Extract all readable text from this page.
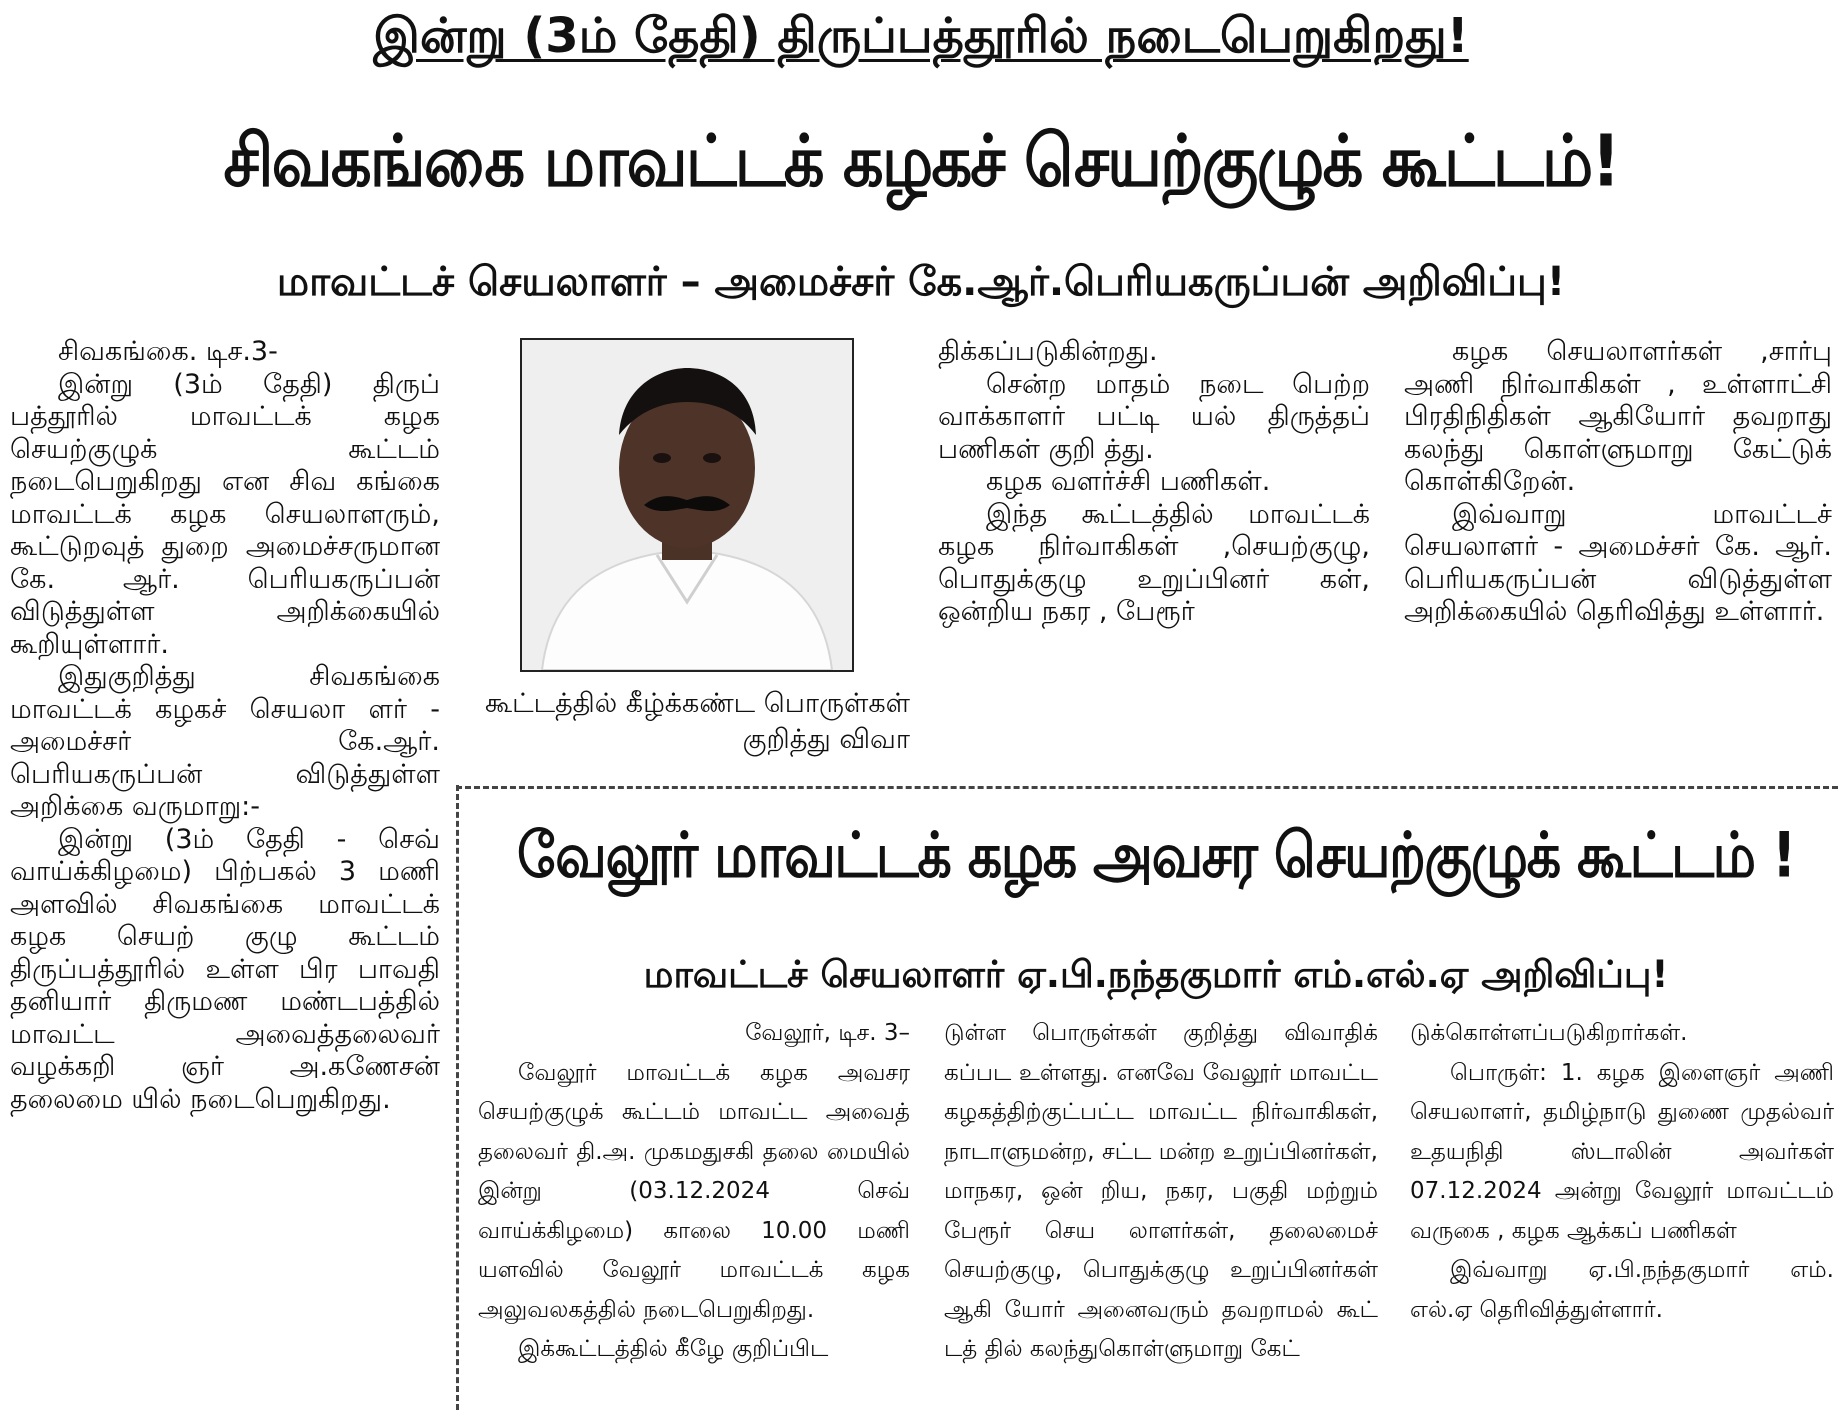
இன்று (3ம் தேதி) திருப்பத்தூரில் நடைபெறுகிறது!
சிவகங்கை மாவட்டக் கழகச் செயற்குழுக் கூட்டம்!
மாவட்டச் செயலாளர் – அமைச்சர் கே.ஆர்.பெரியகருப்பன் அறிவிப்பு!

சிவகங்கை. டிச.3-

இன்று (3ம் தேதி) திருப் பத்தூரில் மாவட்டக் கழக செயற்குழுக் கூட்டம் நடைபெறுகிறது என சிவ கங்கை மாவட்டக் கழக செயலாளரும், கூட்டுறவுத் துறை அமைச்சருமான கே. ஆர். பெரியகருப்பன் விடுத்துள்ள அறிக்கையில் கூறியுள்ளார்.

இதுகுறித்து சிவகங்கை மாவட்டக் கழகச் செயலா ளர் - அமைச்சர் கே.ஆர். பெரியகருப்பன் விடுத்துள்ள அறிக்கை வருமாறு:-

இன்று (3ம் தேதி - செவ் வாய்க்கிழமை) பிற்பகல் 3 மணி அளவில் சிவகங்கை மாவட்டக் கழக செயற் குழு கூட்டம் திருப்பத்தூரில் உள்ள பிர பாவதி தனியார் திருமண மண்டபத்தில் மாவட்ட அவைத்தலைவர் வழக்கறி ஞர் அ.கணேசன் தலைமை யில் நடைபெறுகிறது.

கூட்டத்தில் கீழ்க்கண்ட பொருள்கள் குறித்து விவா

திக்கப்படுகின்றது.

சென்ற மாதம் நடை பெற்ற வாக்காளர் பட்டி யல் திருத்தப் பணிகள் குறி த்து.

கழக வளர்ச்சி பணிகள்.

இந்த கூட்டத்தில் மாவட்டக் கழக நிர்வாகிகள் ,செயற்குழு, பொதுக்குழு உறுப்பினர் கள், ஒன்றிய நகர , பேரூர்

கழக செயலாளர்கள் ,சார்பு அணி நிர்வாகிகள் , உள்ளாட்சி பிரதிநிதிகள் ஆகியோர் தவறாது கலந்து கொள்ளுமாறு கேட்டுக் கொள்கிறேன்.

இவ்வாறு மாவட்டச் செயலாளர் - அமைச்சர் கே. ஆர். பெரியகருப்பன் விடுத்துள்ள அறிக்கையில் தெரிவித்து உள்ளார்.

வேலூர் மாவட்டக் கழக அவசர செயற்குழுக் கூட்டம் !
மாவட்டச் செயலாளர் ஏ.பி.நந்தகுமார் எம்.எல்.ஏ அறிவிப்பு!

வேலூர், டிச. 3–

வேலூர் மாவட்டக் கழக அவசர செயற்குழுக் கூட்டம் மாவட்ட அவைத் தலைவர் தி.அ. முகமதுசகி தலை மையில் இன்று (03.12.2024 செவ் வாய்க்கிழமை) காலை 10.00 மணி யளவில் வேலூர் மாவட்டக் கழக அலுவலகத்தில் நடைபெறுகிறது.

இக்கூட்டத்தில் கீழே குறிப்பிட

டுள்ள பொருள்கள் குறித்து விவாதிக் கப்பட உள்ளது. எனவே வேலூர் மாவட்ட கழகத்திற்குட்பட்ட மாவட்ட நிர்வாகிகள், நாடாளுமன்ற, சட்ட மன்ற உறுப்பினர்கள், மாநகர, ஒன் றிய, நகர, பகுதி மற்றும் பேரூர் செய லாளர்கள், தலைமைச் செயற்குழு, பொதுக்குழு உறுப்பினர்கள் ஆகி யோர் அனைவரும் தவறாமல் கூட் டத் தில் கலந்துகொள்ளுமாறு கேட்

டுக்கொள்ளப்படுகிறார்கள்.

பொருள்: 1. கழக இளைஞர் அணி செயலாளர், தமிழ்நாடு துணை முதல்வர் உதயநிதி ஸ்டாலின் அவர்கள் 07.12.2024 அன்று வேலூர் மாவட்டம் வருகை , கழக ஆக்கப் பணிகள்

இவ்வாறு ஏ.பி.நந்தகுமார் எம். எல்.ஏ தெரிவித்துள்ளார்.
